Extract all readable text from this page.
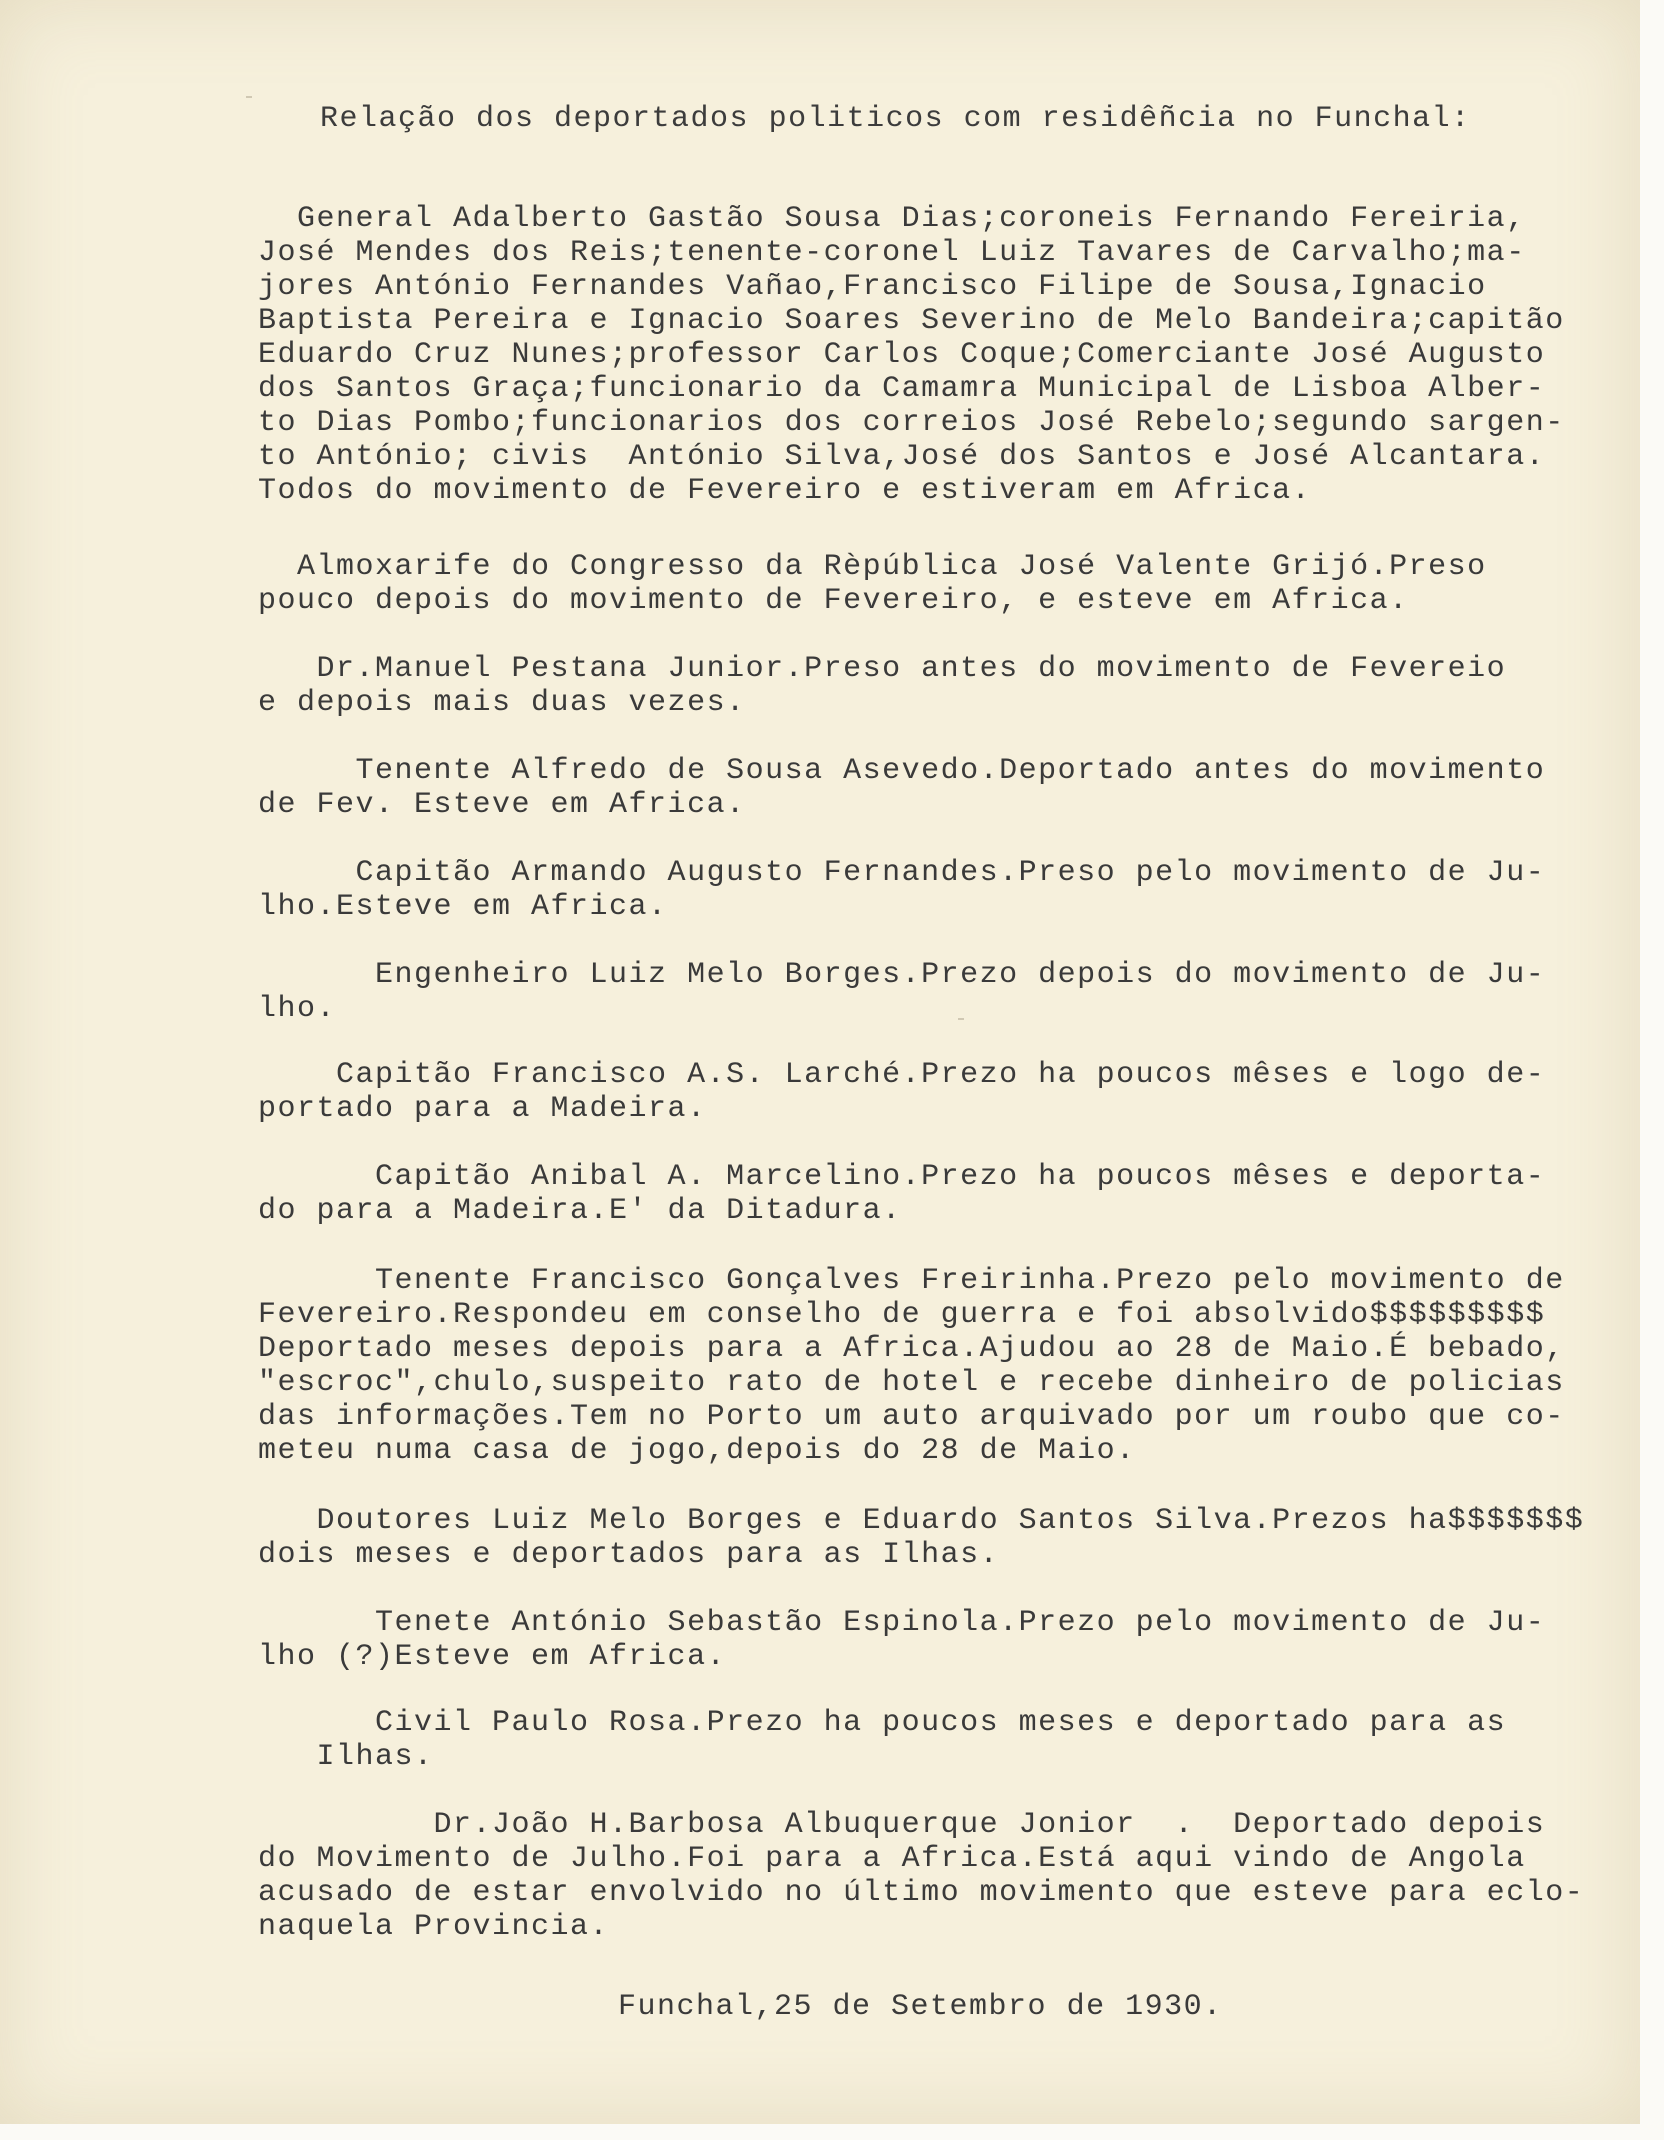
Relação dos deportados politicos com residêñcia no Funchal:
General Adalberto Gastão Sousa Dias;coroneis Fernando Fereiria,
José Mendes dos Reis;tenente-coronel Luiz Tavares de Carvalho;ma-
jores António Fernandes Vañao,Francisco Filipe de Sousa,Ignacio
Baptista Pereira e Ignacio Soares Severino de Melo Bandeira;capitão
Eduardo Cruz Nunes;professor Carlos Coque;Comerciante José Augusto
dos Santos Graça;funcionario da Camamra Municipal de Lisboa Alber-
to Dias Pombo;funcionarios dos correios José Rebelo;segundo sargen-
to António; civis  António Silva,José dos Santos e José Alcantara.
Todos do movimento de Fevereiro e estiveram em Africa.
Almoxarife do Congresso da Rèpública José Valente Grijó.Preso
pouco depois do movimento de Fevereiro, e esteve em Africa.
Dr.Manuel Pestana Junior.Preso antes do movimento de Fevereio
e depois mais duas vezes.
Tenente Alfredo de Sousa Asevedo.Deportado antes do movimento
de Fev. Esteve em Africa.
Capitão Armando Augusto Fernandes.Preso pelo movimento de Ju-
lho.Esteve em Africa.
Engenheiro Luiz Melo Borges.Prezo depois do movimento de Ju-
lho.
Capitão Francisco A.S. Larché.Prezo ha poucos mêses e logo de-
portado para a Madeira.
Capitão Anibal A. Marcelino.Prezo ha poucos mêses e deporta-
do para a Madeira.E' da Ditadura.
Tenente Francisco Gonçalves Freirinha.Prezo pelo movimento de
Fevereiro.Respondeu em conselho de guerra e foi absolvido$$$$$$$$$
Deportado meses depois para a Africa.Ajudou ao 28 de Maio.É bebado,
"escroc",chulo,suspeito rato de hotel e recebe dinheiro de policias
das informações.Tem no Porto um auto arquivado por um roubo que co-
meteu numa casa de jogo,depois do 28 de Maio.
Doutores Luiz Melo Borges e Eduardo Santos Silva.Prezos ha$$$$$$$
dois meses e deportados para as Ilhas.
Tenete António Sebastão Espinola.Prezo pelo movimento de Ju-
lho (?)Esteve em Africa.
Civil Paulo Rosa.Prezo ha poucos meses e deportado para as
Ilhas.
Dr.João H.Barbosa Albuquerque Jonior  .  Deportado depois
do Movimento de Julho.Foi para a Africa.Está aqui vindo de Angola
acusado de estar envolvido no último movimento que esteve para eclo-
naquela Provincia.
Funchal,25 de Setembro de 1930.
